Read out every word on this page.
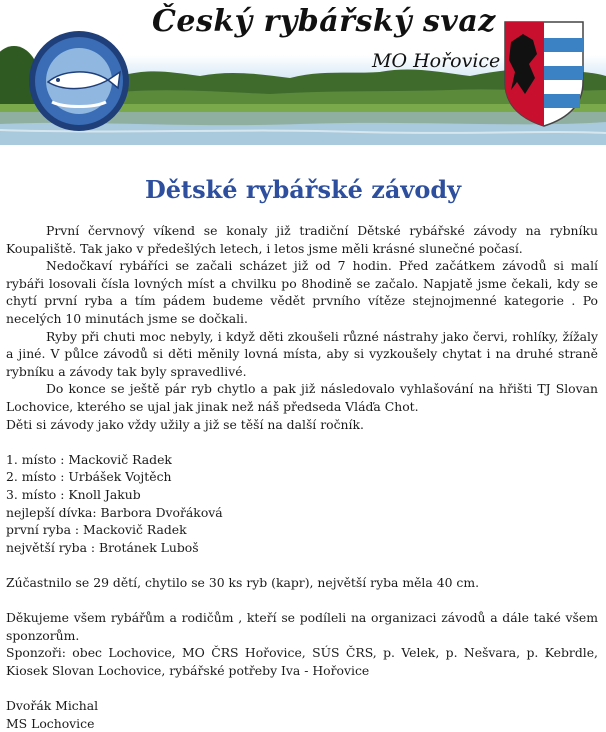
Český rybářský svaz
MO Hořovice
Dětské rybářské závody

První červnový víkend se konaly již tradiční Dětské rybářské závody na rybníku Koupaliště. Tak jako v předešlých letech, i letos jsme měli krásné slunečné počasí.

Nedočkaví rybáříci se začali scházet již od 7 hodin. Před začátkem závodů si malí rybáři losovali čísla lovných míst a chvilku po 8hodině se začalo. Napjatě jsme čekali, kdy se chytí první ryba a tím pádem budeme vědět prvního vítěze stejnojmenné kategorie . Po necelých 10 minutách jsme se dočkali.

Ryby při chuti moc nebyly, i když děti zkoušeli různé nástrahy jako červi, rohlíky, žížaly a jiné. V půlce závodů si děti měnily lovná místa, aby si vyzkoušely chytat i na druhé straně rybníku a závody tak byly spravedlivé.

Do konce se ještě pár ryb chytlo a pak již následovalo vyhlašování na hřišti TJ Slovan Lochovice, kterého se ujal jak jinak než náš předseda Vláďa Chot.

Děti si závody jako vždy užily a již se těší na další ročník.

1. místo : Mackovič Radek

2. místo : Urbášek Vojtěch

3. místo : Knoll Jakub

nejlepší dívka: Barbora Dvořáková

první ryba : Mackovič Radek

největší ryba : Brotánek Luboš

Zúčastnilo se 29 dětí, chytilo se 30 ks ryb (kapr), největší ryba měla 40 cm.

Děkujeme všem rybářům a rodičům , kteří se podíleli na organizaci závodů a dále také všem sponzorům.

Sponzoři: obec Lochovice, MO ČRS Hořovice, SÚS ČRS, p. Velek, p. Nešvara, p. Kebrdle, Kiosek Slovan Lochovice, rybářské potřeby Iva - Hořovice

Dvořák Michal

MS Lochovice
